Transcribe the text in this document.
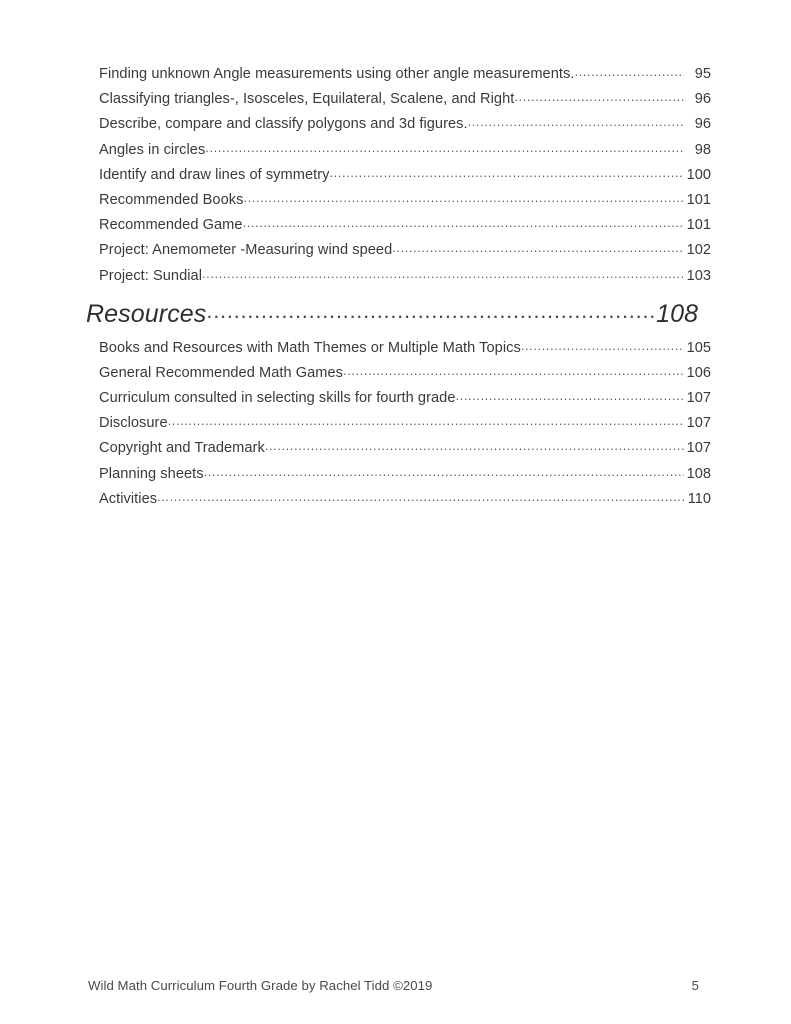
Finding unknown Angle measurements using other angle measurements. .....	95
Classifying triangles-, Isosceles, Equilateral, Scalene, and Right .....	96
Describe, compare and classify polygons and 3d figures. .....	96
Angles in circles .....	98
Identify and draw lines of symmetry .....	100
Recommended Books .....	101
Recommended Game .....	101
Project: Anemometer -Measuring wind speed .....	102
Project: Sundial .....	103
Resources .....	108
Books and Resources with Math Themes or Multiple Math Topics .....	105
General Recommended Math Games .....	106
Curriculum consulted in selecting skills for fourth grade .....	107
Disclosure .....	107
Copyright and Trademark .....	107
Planning sheets .....	108
Activities .....	110
Wild Math Curriculum Fourth Grade by Rachel Tidd ©2019	5
